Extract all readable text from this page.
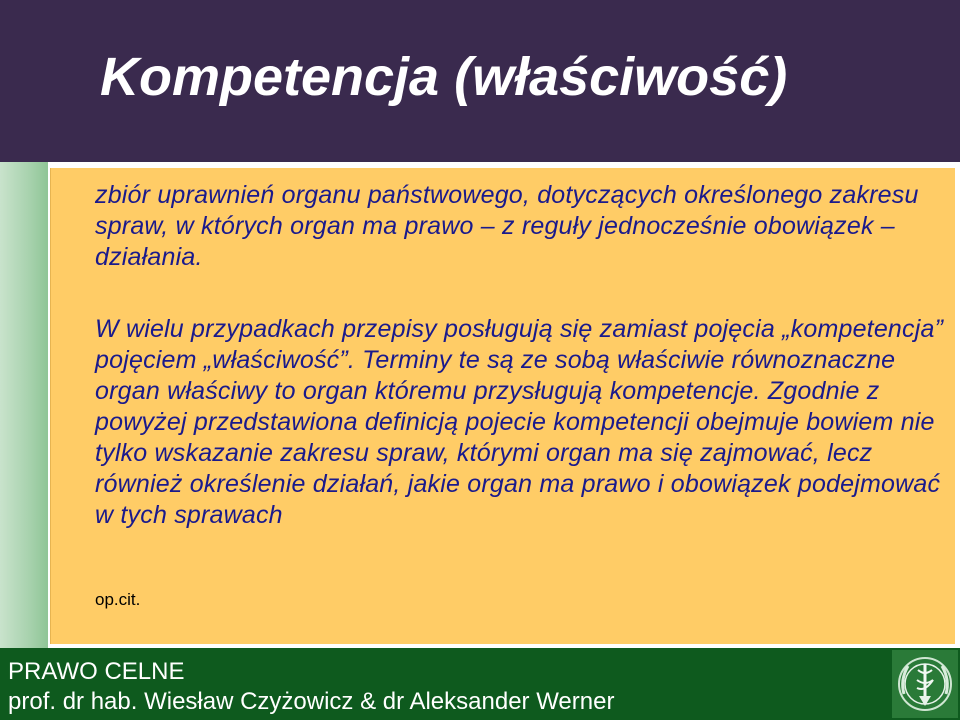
Kompetencja (właściwość)

zbiór uprawnień organu państwowego, dotyczących określonego zakresu spraw, w których organ ma prawo – z reguły jednocześnie obowiązek – działania.

W wielu przypadkach przepisy posługują się zamiast pojęcia „kompetencja” pojęciem „właściwość”. Terminy te są ze sobą właściwie równoznaczne organ właściwy to organ któremu przysługują kompetencje. Zgodnie z powyżej przedstawiona definicją pojecie kompetencji obejmuje bowiem nie tylko wskazanie zakresu spraw, którymi organ ma się zajmować, lecz również określenie działań, jakie organ ma prawo i obowiązek podejmować w tych sprawach

op.cit.

PRAWO CELNE

prof. dr hab. Wiesław Czyżowicz & dr Aleksander Werner
